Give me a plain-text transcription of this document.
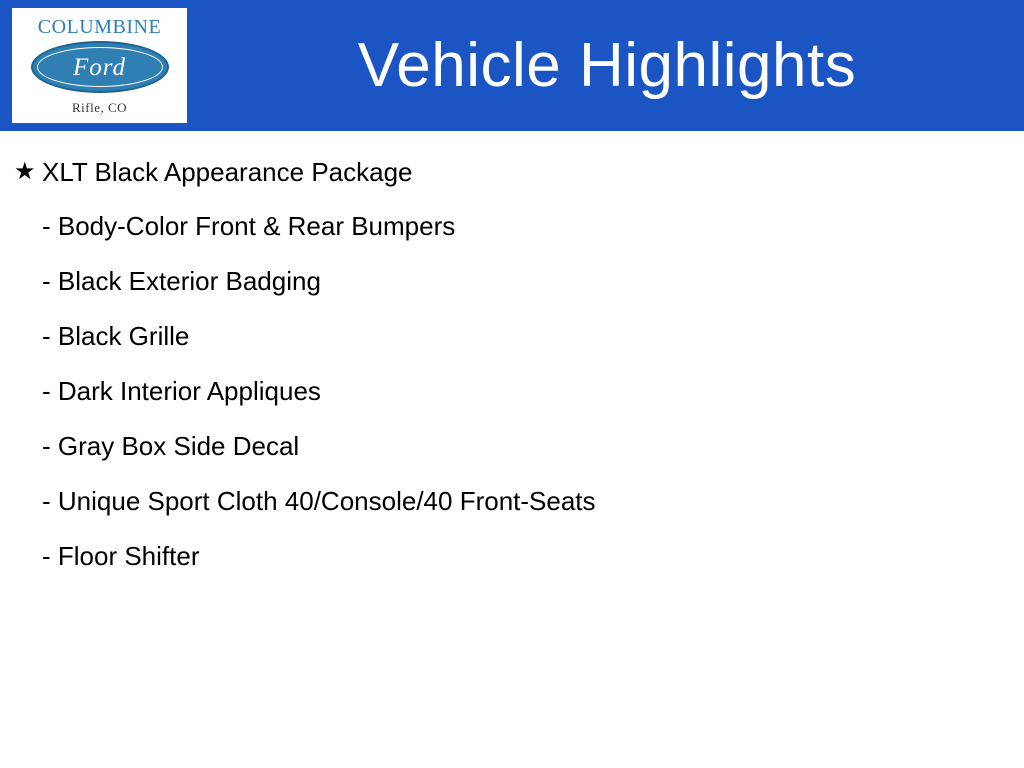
Vehicle Highlights
COLUMBINE
Ford
Rifle, CO
★ XLT Black Appearance Package
- Body-Color Front & Rear Bumpers
- Black Exterior Badging
- Black Grille
- Dark Interior Appliques
- Gray Box Side Decal
- Unique Sport Cloth 40/Console/40 Front-Seats
- Floor Shifter
